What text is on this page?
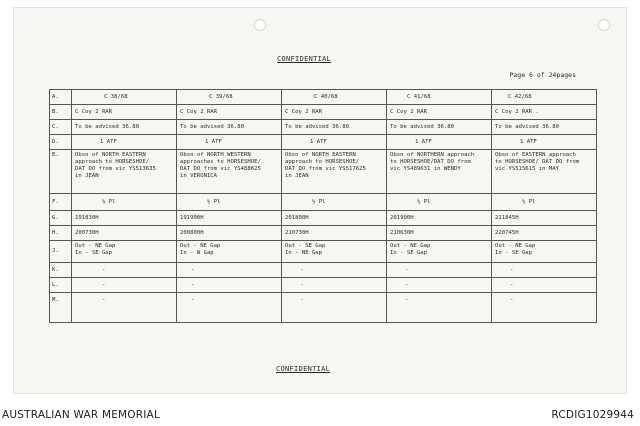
CONFIDENTIAL
Page 6 of 24pages
A.	C 38/68	C 39/68	C 40/68	C 41/68	C 42/68
B.	C Coy 2 RAR	C Coy 2 RAR	C Coy 2 RAR	C Coy 2 RAR	C Coy 2 RAR .
C.	To be advised 36.80	To be advised 36.80	To be advised 36.80	To be advised 36.80	To be advised 36.80
D.	1 ATF	1 ATF	1 ATF	1 ATF	1 ATF
E.	Obsn of NORTH EASTERN
approach to HORSESHOE/
DAT DO from vic YS513635
in JEAN	Obsn of NORTH WESTERN
approaches to HORSESHOE/
DAT DO from vic YS488625
in VERONICA	Obsn of NORTH EASTERN
approach to HORSESHOE/
DAT DO from vic YS517625
in JEAN	Obsn of NORTHERN approach
to HORSESHOE/DAT DO from
vic YS489631 in WENDY	Obsn of EASTERN approach
to HORSESHOE/ DAT DO from
vic YS515615 in MAY
F.	½ Pl	½ Pl	½ Pl	½ Pl	½ Pl
G.	191830H	191900H	201800H	201900H	211845H
H.	200730H	200800H	210730H	210630H	220745H
J.	Out - NE Gap
In - SE Gap	Out - NE Gap
In - W Gap	Out - SE Gap
In - NE Gap	Out - NE Gap
In - SE Gap	Out - NE Gap
In - SE Gap
K.	-	-	-	-	-
L.	-	-	-	-	-
M.	-	-	-	-	-
CONFIDENTIAL
AUSTRALIAN WAR MEMORIAL	RCDIG1029944
